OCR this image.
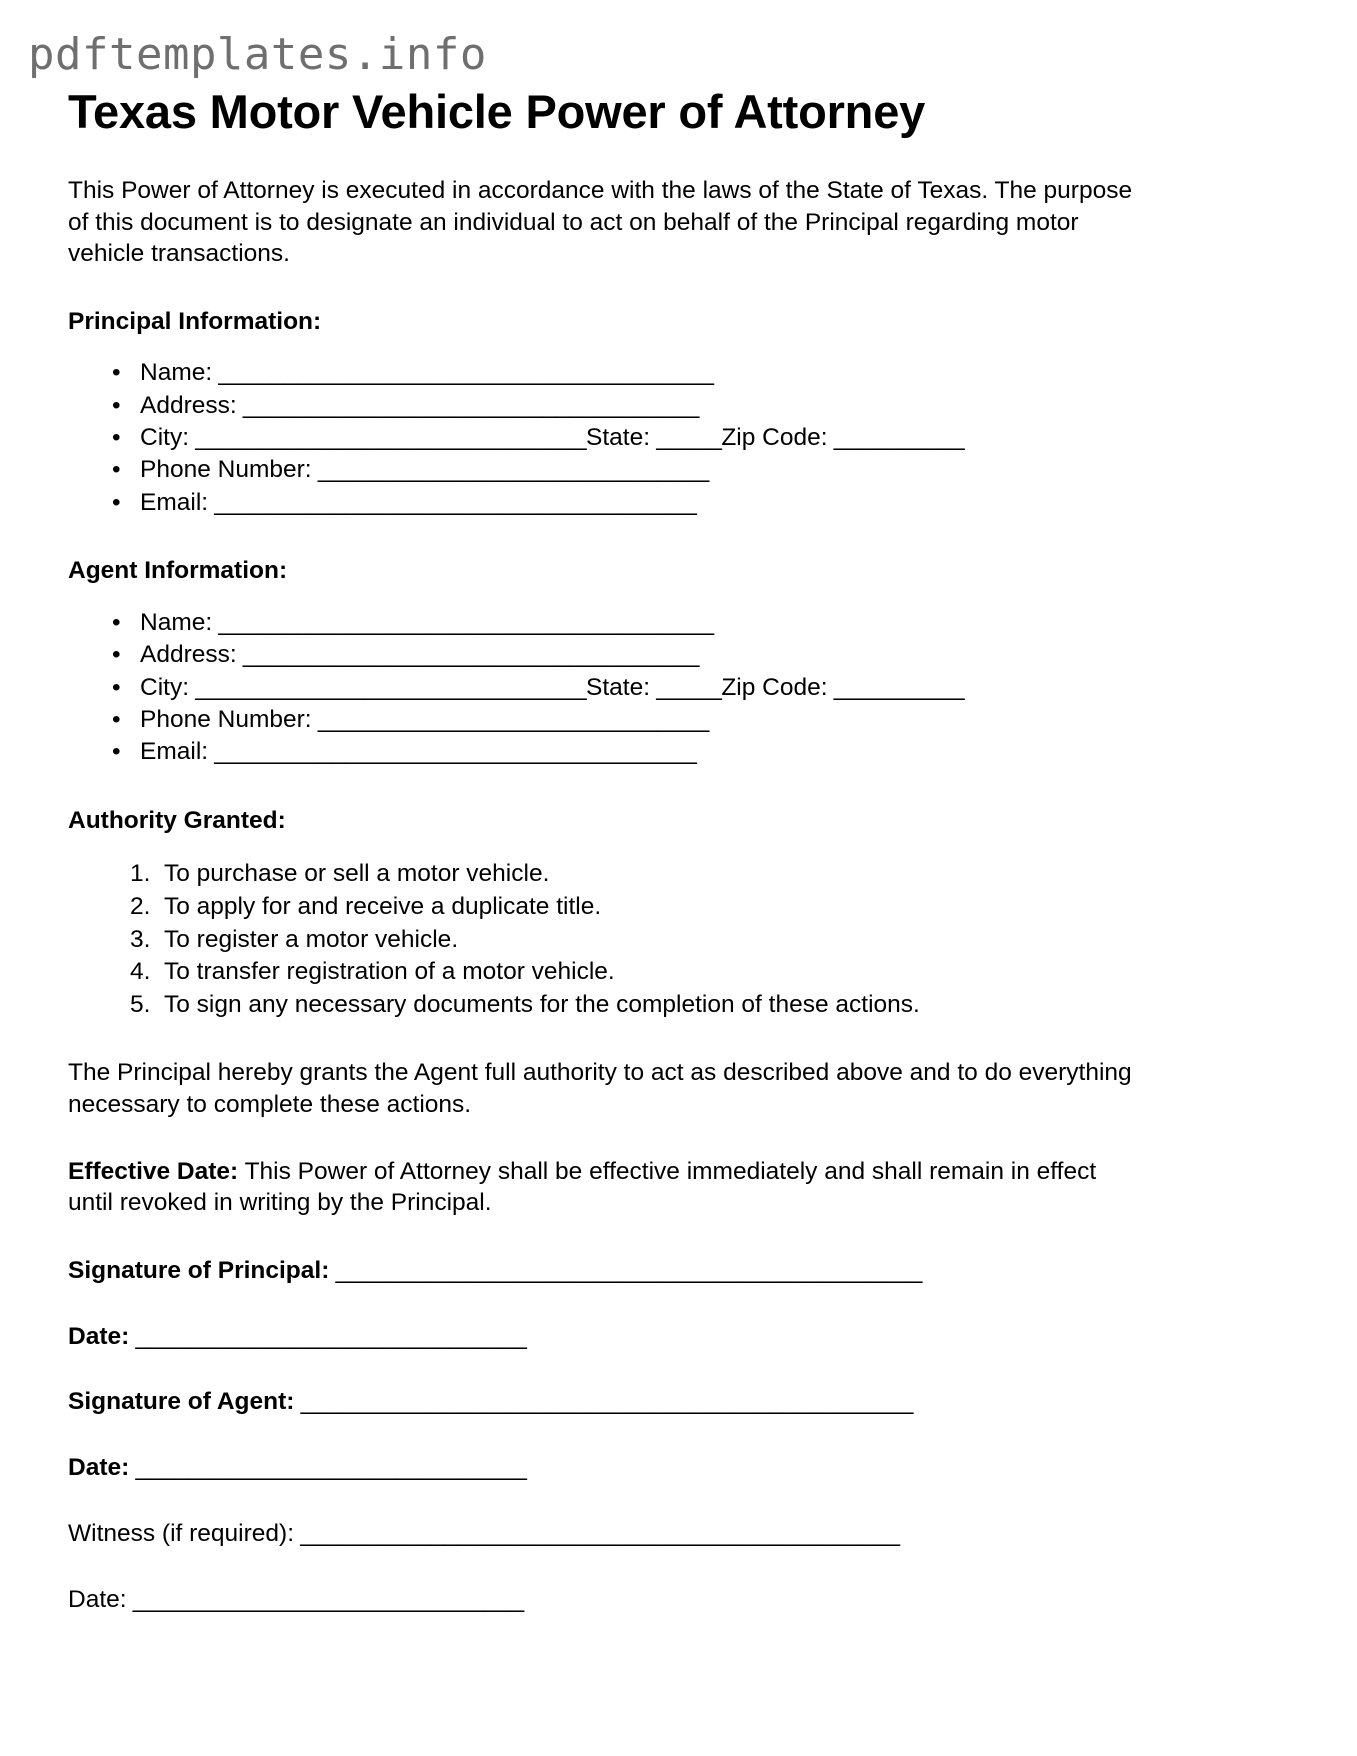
pdftemplates.info
Texas Motor Vehicle Power of Attorney

This Power of Attorney is executed in accordance with the laws of the State of Texas. The purpose of this document is to designate an individual to act on behalf of the Principal regarding motor vehicle transactions.

Principal Information:
• Name: ______________________________________
• Address: ___________________________________
• City: ______________________________State: _____Zip Code: __________
• Phone Number: ______________________________
• Email: _____________________________________
Agent Information:
• Name: ______________________________________
• Address: ___________________________________
• City: ______________________________State: _____Zip Code: __________
• Phone Number: ______________________________
• Email: _____________________________________
Authority Granted:
To purchase or sell a motor vehicle.
To apply for and receive a duplicate title.
To register a motor vehicle.
To transfer registration of a motor vehicle.
To sign any necessary documents for the completion of these actions.

The Principal hereby grants the Agent full authority to act as described above and to do everything necessary to complete these actions.

Effective Date: This Power of Attorney shall be effective immediately and shall remain in effect until revoked in writing by the Principal.

Signature of Principal: _____________________________________________
Date: ______________________________
Signature of Agent: _______________________________________________
Date: ______________________________
Witness (if required): ______________________________________________
Date: ______________________________
